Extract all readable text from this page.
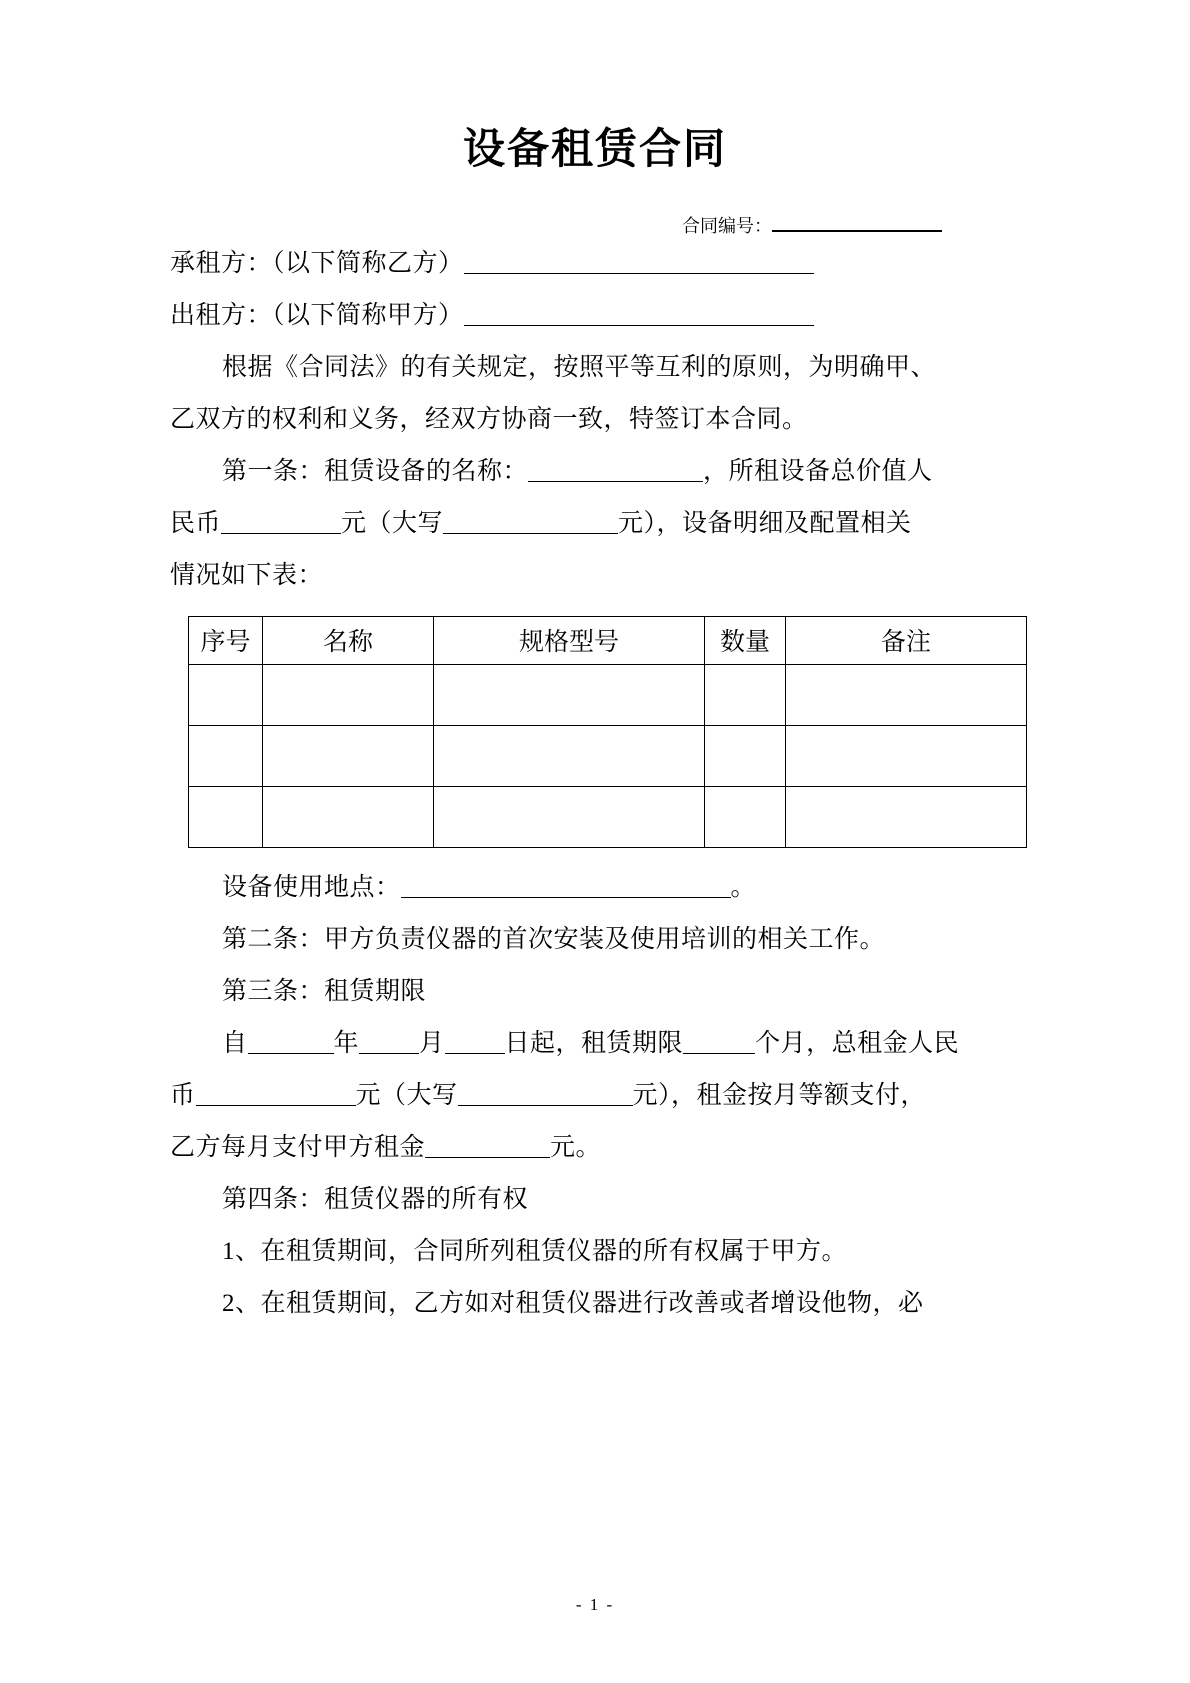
设备租赁合同
合同编号：

承租方：（以下简称乙方）

出租方：（以下简称甲方）

根据《合同法》的有关规定，按照平等互利的原则，为明确甲、

乙双方的权利和义务，经双方协商一致，特签订本合同。

第一条：租赁设备的名称：	，所租设备总价值人

民币	元（大写	元），设备明细及配置相关

情况如下表：

序号	名称	规格型号	数量	备注

设备使用地点：	。

第二条：甲方负责仪器的首次安装及使用培训的相关工作。

第三条：租赁期限

自	年 月 日起，租赁期限	个月，总租金人民

币	元（大写	元），租金按月等额支付，

乙方每月支付甲方租金	元。

第四条：租赁仪器的所有权

1、在租赁期间，合同所列租赁仪器的所有权属于甲方。

2、在租赁期间，乙方如对租赁仪器进行改善或者增设他物，必

- 1 -
